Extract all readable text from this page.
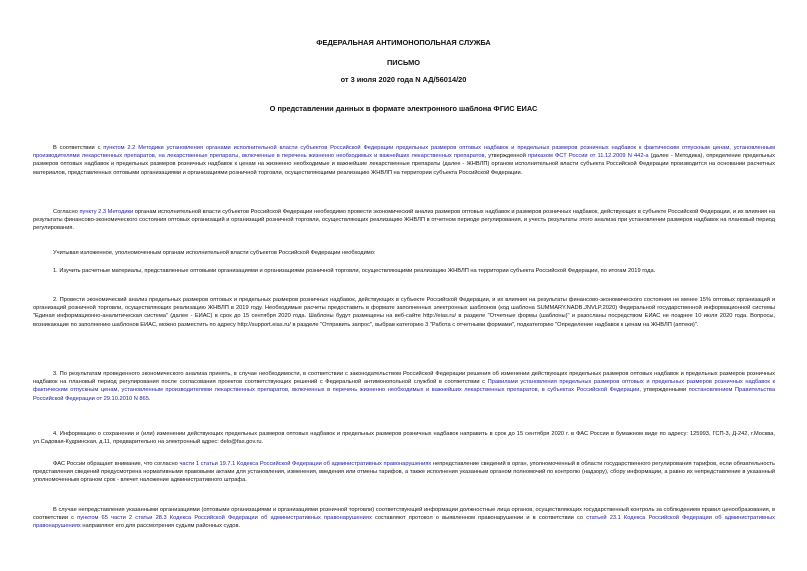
ФЕДЕРАЛЬНАЯ АНТИМОНОПОЛЬНАЯ СЛУЖБА
ПИСЬМО
от 3 июля 2020 года N АД/56014/20
О представлении данных в формате электронного шаблона ФГИС ЕИАС

В соответствии с пунктом 2.2 Методики установления органами исполнительной власти субъектов Российской Федерации предельных размеров оптовых надбавок и предельных размеров розничных надбавок к фактическим отпускным ценам, установленным производителями лекарственных препаратов, на лекарственные препараты, включенные в перечень жизненно необходимых и важнейших лекарственных препаратов, утвержденной приказом ФСТ России от 11.12.2009 N 442-а (далее - Методика), определение предельных размеров оптовых надбавок и предельных размеров розничных надбавок к ценам на жизненно необходимые и важнейшие лекарственные препараты (далее - ЖНВЛП) органом исполнительной власти субъекта Российской Федерации производится на основании расчетных материалов, представленных оптовыми организациями и организациями розничной торговли, осуществляющими реализацию ЖНВЛП на территории субъекта Российской Федерации.

Согласно пункту 2.3 Методики органам исполнительной власти субъектов Российской Федерации необходимо провести экономический анализ размеров оптовых надбавок и размеров розничных надбавок, действующих в субъекте Российской Федерации, и их влияния на результаты финансово-экономического состояния оптовых организаций и организаций розничной торговли, осуществляющих реализацию ЖНВЛП в отчетном периоде регулирования, и учесть результаты этого анализа при установлении размеров надбавок на плановый период регулирования.

Учитывая изложенное, уполномоченным органам исполнительной власти субъектов Российской Федерации необходимо:

1. Изучить расчетные материалы, представленные оптовыми организациями и организациями розничной торговли, осуществляющими реализацию ЖНВЛП на территории субъекта Российской Федерации, по итогам 2019 года.

2. Провести экономический анализ предельных размеров оптовых и предельных размеров розничных надбавок, действующих в субъекте Российской Федерации, и их влияния на результаты финансово-экономического состояния не менее 15% оптовых организаций и организаций розничной торговли, осуществляющих реализацию ЖНВЛП в 2019 году. Необходимые расчеты предоставить в формате заполненных электронных шаблонов (код шаблона SUMMARY.NADB.JNVLP.2020) Федеральной государственной информационной системы "Единая информационно-аналитическая система" (далее - ЕИАС) в срок до 15 сентября 2020 года. Шаблоны будут размещены на веб-сайте http://eias.ru/ в разделе "Отчетные формы (шаблоны)" и разосланы посредством ЕИАС не позднее 10 июля 2020 года. Вопросы, возникающие по заполнению шаблонов ЕИАС, можно разместить по адресу http://support.eias.ru/ в разделе "Отправить запрос", выбрав категорию 3 "Работа с отчетными формами", подкатегорию "Определение надбавок к ценам на ЖНВЛП (аптеки)".

3. По результатам проведенного экономического анализа принять, в случае необходимости, в соответствии с законодательством Российской Федерации решения об изменении действующих предельных размеров оптовых надбавок и предельных размеров розничных надбавок на плановый период регулирования после согласования проектов соответствующих решений с Федеральной антимонопольной службой в соответствии с Правилами установления предельных размеров оптовых и предельных размеров розничных надбавок к фактическим отпускным ценам, установленным производителями лекарственных препаратов, включенных в перечень жизненно необходимых и важнейших лекарственных препаратов, в субъектах Российской Федерации, утвержденными постановлением Правительства Российской Федерации от 29.10.2010 N 865.

4. Информацию о сохранении и (или) изменении действующих предельных размеров оптовых надбавок и предельных размеров розничных надбавок направить в срок до 15 сентября 2020 г. в ФАС России в бумажном виде по адресу: 125993, ГСП-3, Д-242, г.Москва, ул.Садовая-Кудринская, д.11, предварительно на электронный адрес: delo@fas.gov.ru.

ФАС России обращает внимание, что согласно части 1 статьи 19.7.1 Кодекса Российской Федерации об административных правонарушениях непредставление сведений в орган, уполномоченный в области государственного регулирования тарифов, если обязательность представления сведений предусмотрена нормативными правовыми актами для установления, изменения, введения или отмены тарифов, а также исполнения указанным органом полномочий по контролю (надзору), сбору информации, а равно их непредставление в указанный уполномоченным органом срок - влечет наложение административного штрафа.

В случае непредставления указанными организациями (оптовыми организациями и организациями розничной торговли) соответствующей информации должностные лица органов, осуществляющих государственный контроль за соблюдением правил ценообразования, в соответствии с пунктом 65 части 2 статьи 28.3 Кодекса Российской Федерации об административных правонарушениях составляют протокол о выявленном правонарушении и в соответствии со статьей 23.1 Кодекса Российской Федерации об административных правонарушениях направляют его для рассмотрения судьям районных судов.
